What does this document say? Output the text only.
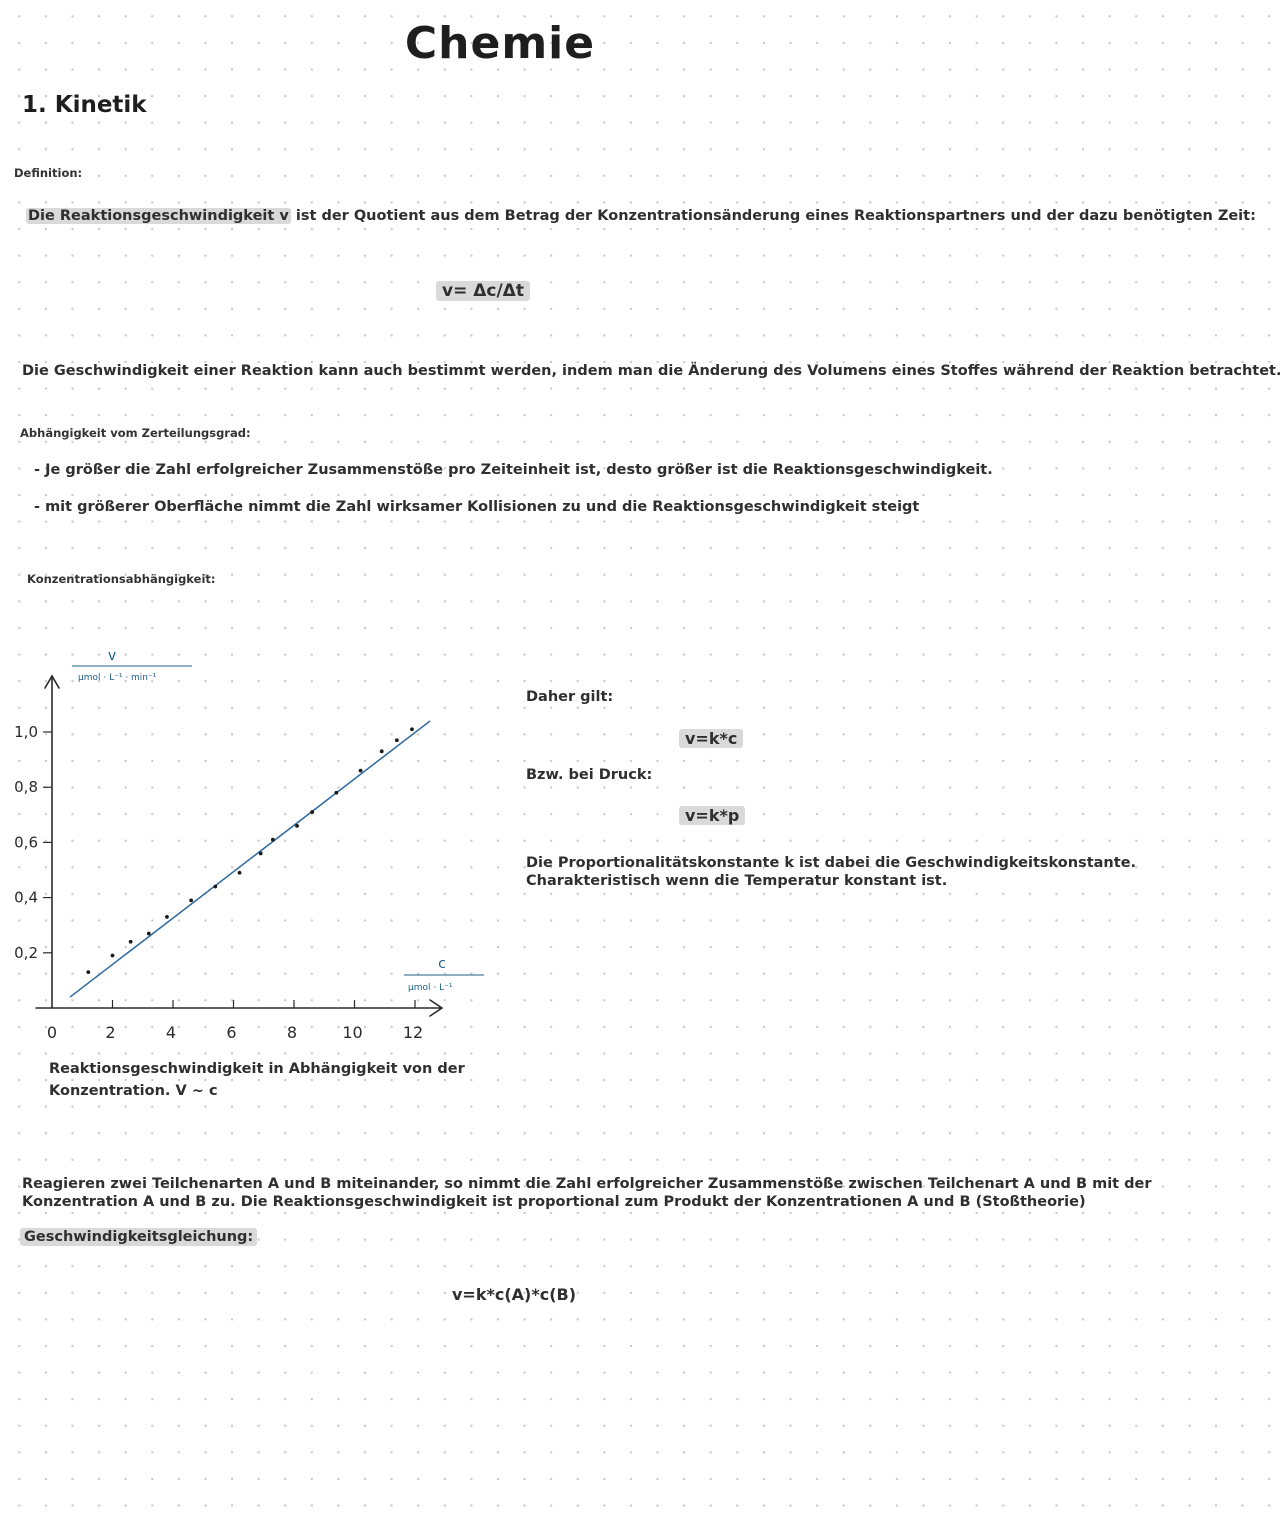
Chemie
1. Kinetik
Definition:
Die Reaktionsgeschwindigkeit v ist der Quotient aus dem Betrag der Konzentrationsänderung eines Reaktionspartners und der dazu benötigten Zeit:
v= Δc/Δt
Die Geschwindigkeit einer Reaktion kann auch bestimmt werden, indem man die Änderung des Volumens eines Stoffes während der Reaktion betrachtet.
Abhängigkeit vom Zerteilungsgrad:
- Je größer die Zahl erfolgreicher Zusammenstöße pro Zeiteinheit ist, desto größer ist die Reaktionsgeschwindigkeit.
- mit größerer Oberfläche nimmt die Zahl wirksamer Kollisionen zu und die Reaktionsgeschwindigkeit steigt
Konzentrationsabhängigkeit:
0	2	4	6	8	10	12
0,2
0,4
0,6
0,8
1,0
v
µmol · L⁻¹ · min⁻¹
c
µmol · L⁻¹
Reaktionsgeschwindigkeit in Abhängigkeit von der
Konzentration. V ~ c
Daher gilt:
v=k*c
Bzw. bei Druck:
v=k*p
Die Proportionalitätskonstante k ist dabei die Geschwindigkeitskonstante.
Charakteristisch wenn die Temperatur konstant ist.
Reagieren zwei Teilchenarten A und B miteinander, so nimmt die Zahl erfolgreicher Zusammenstöße zwischen Teilchenart A und B mit der
Konzentration A und B zu. Die Reaktionsgeschwindigkeit ist proportional zum Produkt der Konzentrationen A und B (Stoßtheorie)
Geschwindigkeitsgleichung:
v=k*c(A)*c(B)
